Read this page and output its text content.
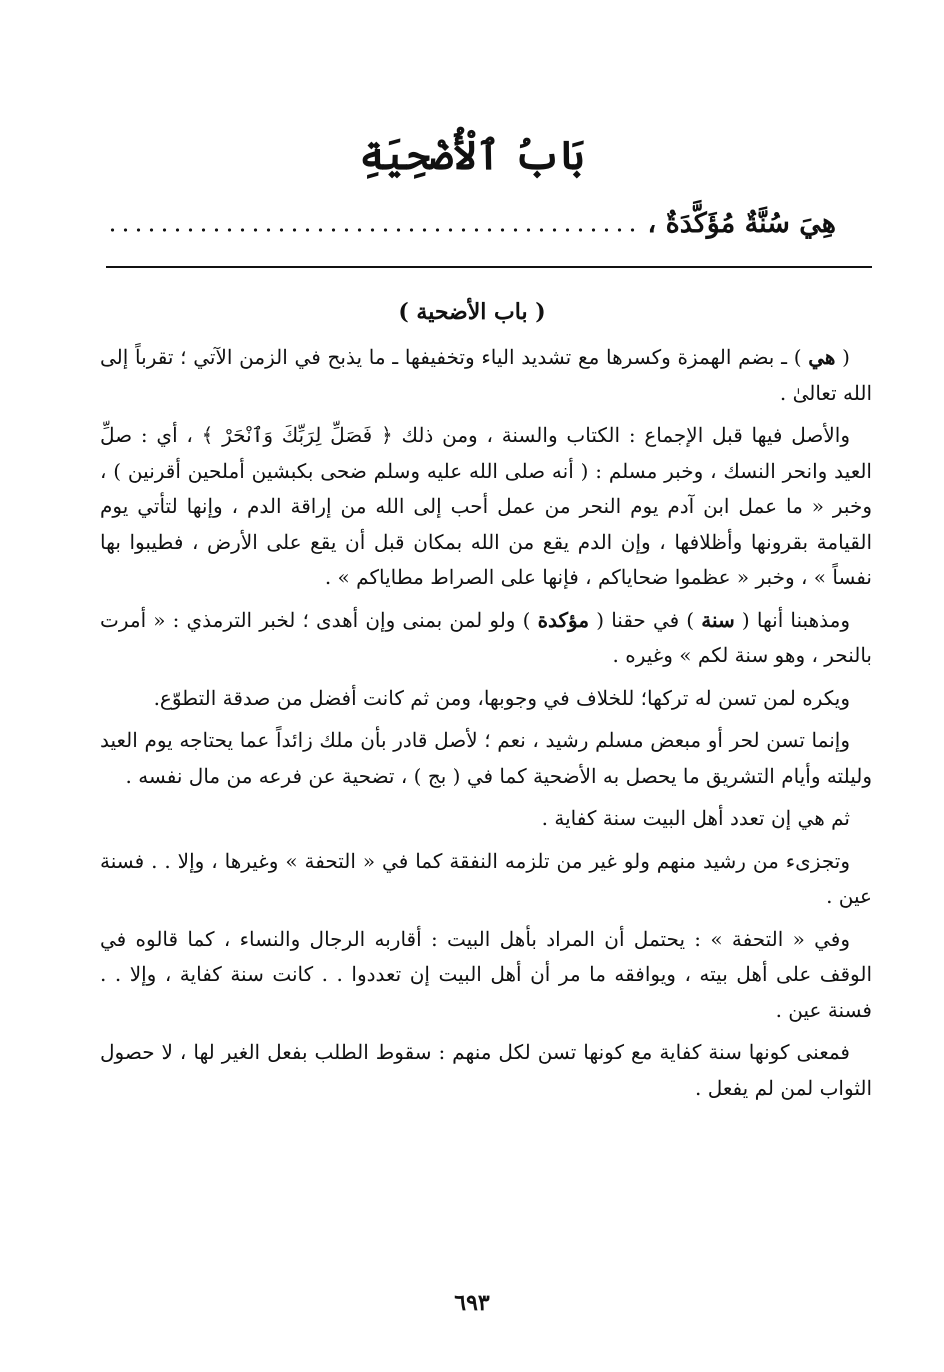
بَابُ ٱلْأُضْحِيَةِ
هِيَ سُنَّةٌ مُؤَكَّدَةٌ ،
( باب الأضحية )

( هي ) ـ بضم الهمزة وكسرها مع تشديد الياء وتخفيفها ـ ما يذبح في الزمن الآتي ؛ تقرباً إلى الله تعالىٰ .

والأصل فيها قبل الإجماع : الكتاب والسنة ، ومن ذلك ﴿ فَصَلِّ لِرَبِّكَ وَٱنْحَرْ ﴾ ، أي : صلِّ العيد وانحر النسك ، وخبر مسلم : ( أنه صلى الله عليه وسلم ضحى بكبشين أملحين أقرنين ) ، وخبر « ما عمل ابن آدم يوم النحر من عمل أحب إلى الله من إراقة الدم ، وإنها لتأتي يوم القيامة بقرونها وأظلافها ، وإن الدم يقع من الله بمكان قبل أن يقع على الأرض ، فطيبوا بها نفساً » ، وخبر « عظموا ضحاياكم ، فإنها على الصراط مطاياكم » .

ومذهبنا أنها ( سنة ) في حقنا ( مؤكدة ) ولو لمن بمنى وإن أهدى ؛ لخبر الترمذي : « أمرت بالنحر ، وهو سنة لكم » وغيره .

ويكره لمن تسن له تركها؛ للخلاف في وجوبها، ومن ثم كانت أفضل من صدقة التطوّع.

وإنما تسن لحر أو مبعض مسلم رشيد ، نعم ؛ لأصل قادر بأن ملك زائداً عما يحتاجه يوم العيد وليلته وأيام التشريق ما يحصل به الأضحية كما في ( بج ) ، تضحية عن فرعه من مال نفسه .

ثم هي إن تعدد أهل البيت سنة كفاية .

وتجزىء من رشيد منهم ولو غير من تلزمه النفقة كما في « التحفة » وغيرها ، وإلا . . فسنة عين .

وفي « التحفة » : يحتمل أن المراد بأهل البيت : أقاربه الرجال والنساء ، كما قالوه في الوقف على أهل بيته ، ويوافقه ما مر أن أهل البيت إن تعددوا . . كانت سنة كفاية ، وإلا . . فسنة عين .

فمعنى كونها سنة كفاية مع كونها تسن لكل منهم : سقوط الطلب بفعل الغير لها ، لا حصول الثواب لمن لم يفعل .

٦٩٣
